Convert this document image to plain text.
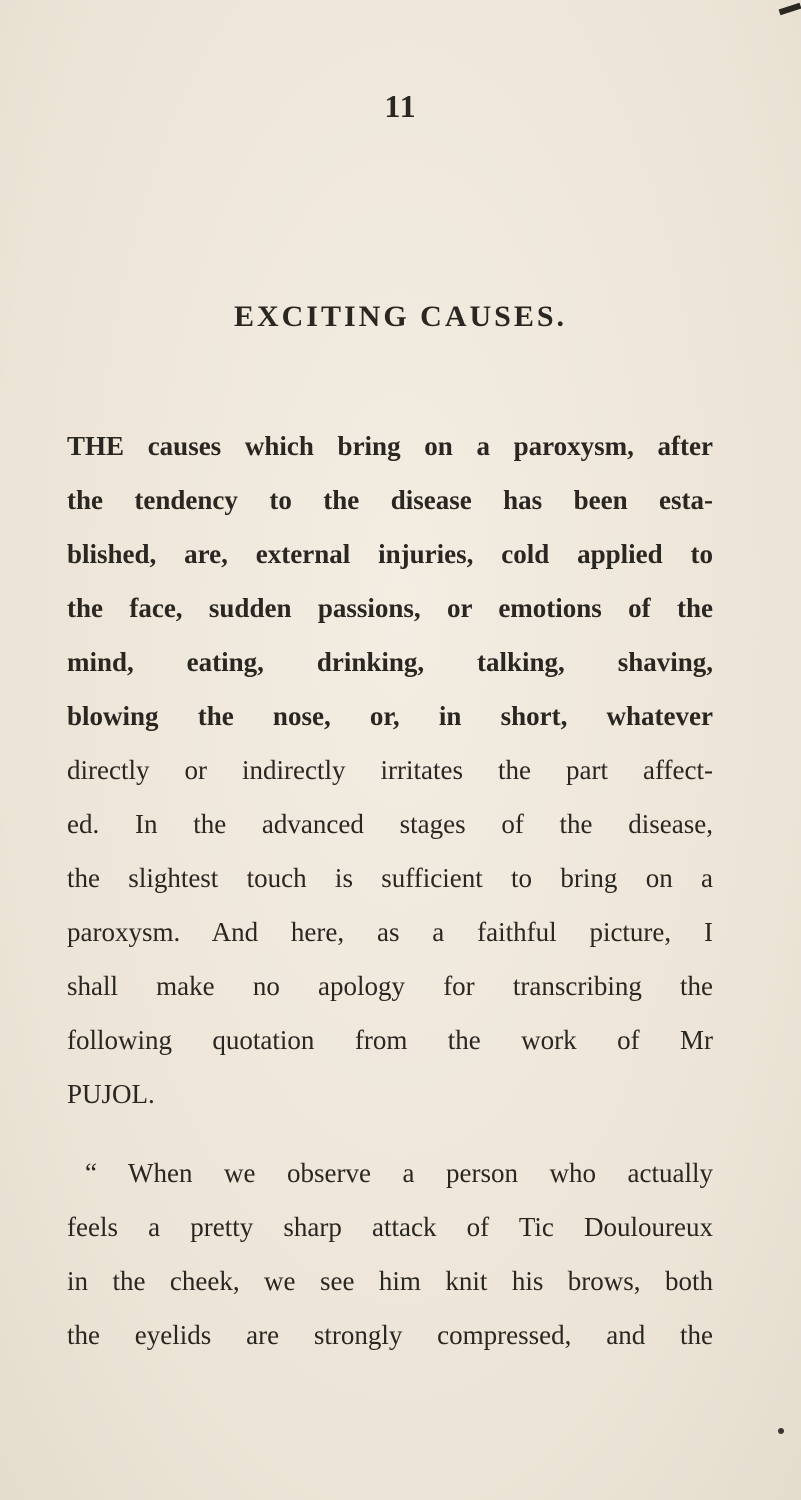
11
EXCITING CAUSES.
THE causes which bring on a paroxysm, after
the tendency to the disease has been esta-
blished, are, external injuries, cold applied to
the face, sudden passions, or emotions of the
mind, eating, drinking, talking, shaving,
blowing the nose, or, in short, whatever
directly or indirectly irritates the part affect-
ed. In the advanced stages of the disease,
the slightest touch is sufficient to bring on a
paroxysm. And here, as a faithful picture, I
shall make no apology for transcribing the
following quotation from the work of Mr
PUJOL.
“ When we observe a person who actually
feels a pretty sharp attack of Tic Douloureux
in the cheek, we see him knit his brows, both
the eyelids are strongly compressed, and the
